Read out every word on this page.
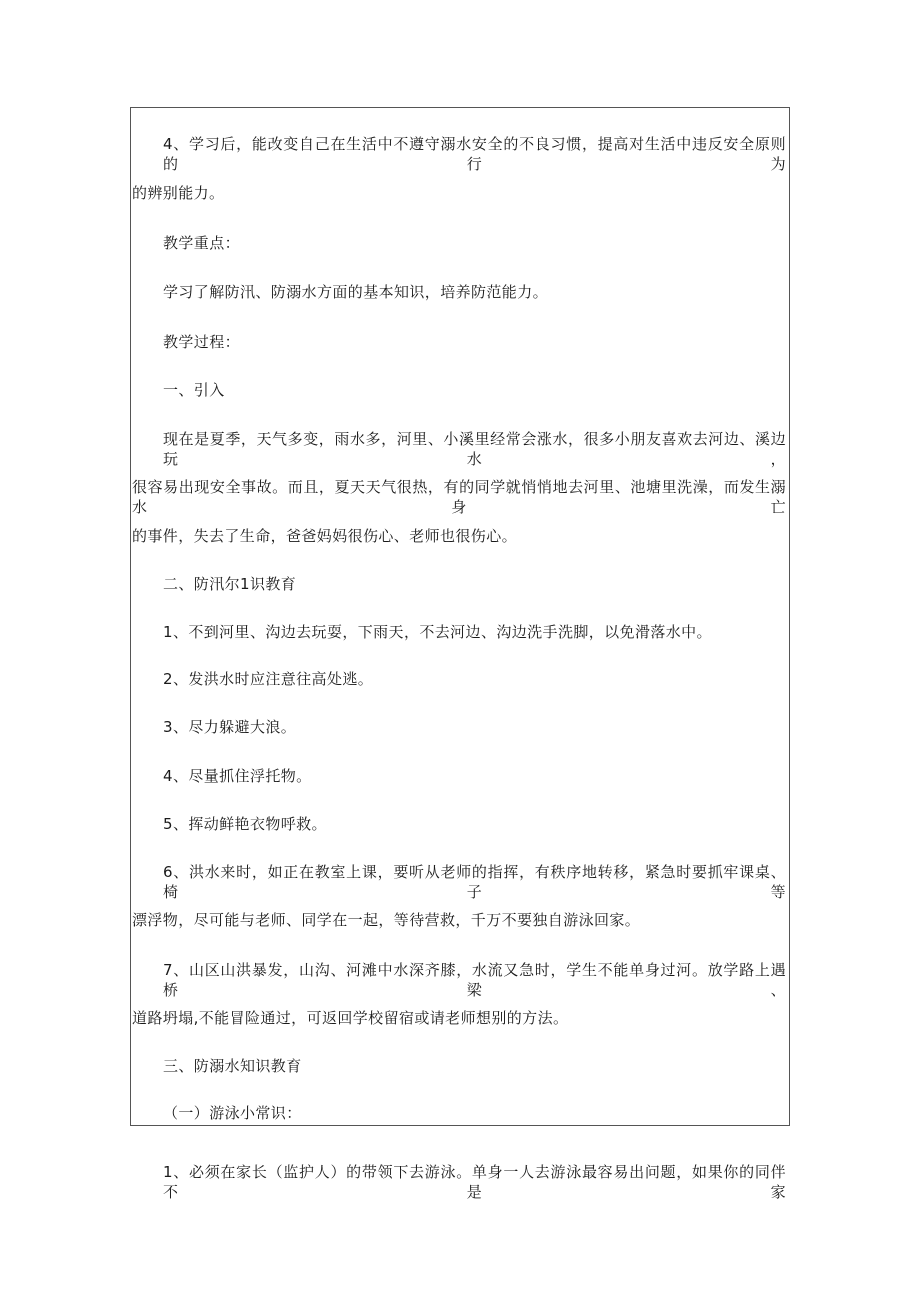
4、学习后，能改变自己在生活中不遵守溺水安全的不良习惯，提高对生活中违反安全原则的行为
的辨别能力。
教学重点：
学习了解防汛、防溺水方面的基本知识，培养防范能力。
教学过程：
一、引入
现在是夏季，天气多变，雨水多，河里、小溪里经常会涨水，很多小朋友喜欢去河边、溪边玩水，
很容易出现安全事故。而且，夏天天气很热，有的同学就悄悄地去河里、池塘里洗澡，而发生溺水身亡
的事件，失去了生命，爸爸妈妈很伤心、老师也很伤心。
二、防汛尔1识教育
1、不到河里、沟边去玩耍，下雨天，不去河边、沟边洗手洗脚，以免滑落水中。
2、发洪水时应注意往高处逃。
3、尽力躲避大浪。
4、尽量抓住浮托物。
5、挥动鲜艳衣物呼救。
6、洪水来时，如正在教室上课，要听从老师的指挥，有秩序地转移，紧急时要抓牢课桌、椅子等
漂浮物，尽可能与老师、同学在一起，等待营救，千万不要独自游泳回家。
7、山区山洪暴发，山沟、河滩中水深齐膝，水流又急时，学生不能单身过河。放学路上遇桥梁、
道路坍塌,不能冒险通过，可返回学校留宿或请老师想别的方法。
三、防溺水知识教育
（一）游泳小常识：
1、必须在家长（监护人）的带领下去游泳。单身一人去游泳最容易出问题，如果你的同伴不是家
